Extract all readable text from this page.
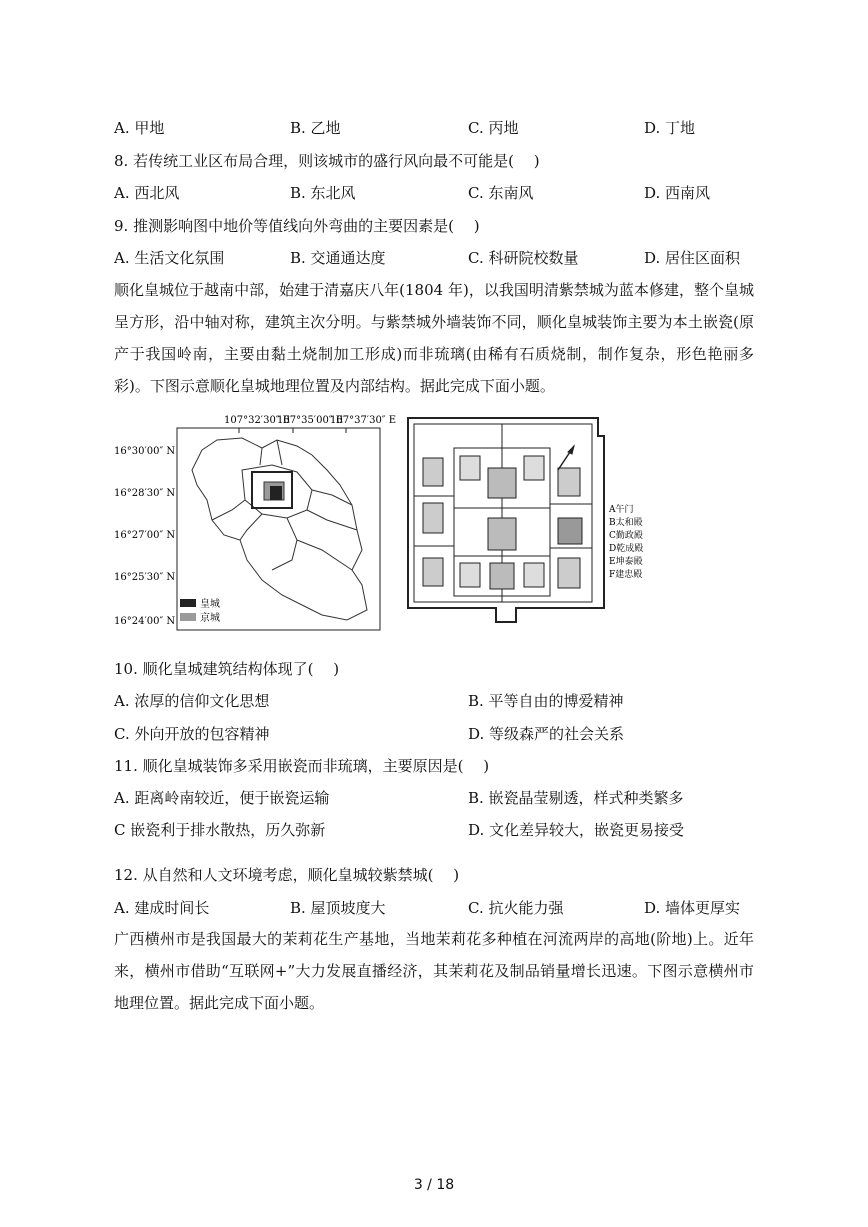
A. 甲地	B. 乙地	C. 丙地	D. 丁地
8. 若传统工业区布局合理，则该城市的盛行风向最不可能是(　 )
A. 西北风	B. 东北风	C. 东南风	D. 西南风
9. 推测影响图中地价等值线向外弯曲的主要因素是(　 )
A. 生活文化氛围	B. 交通通达度	C. 科研院校数量	D. 居住区面积
顺化皇城位于越南中部，始建于清嘉庆八年(1804 年)，以我国明清紫禁城为蓝本修建，整个皇城呈方形，沿中轴对称，建筑主次分明。与紫禁城外墙装饰不同，顺化皇城装饰主要为本土嵌瓷(原产于我国岭南，主要由黏土烧制加工形成)而非琉璃(由稀有石质烧制，制作复杂，形色艳丽多彩)。下图示意顺化皇城地理位置及内部结构。据此完成下面小题。
107°32′30″ E
107°35′00″ E
107°37′30″ E
16°30′00″ N
16°28′30″ N
16°27′00″ N
16°25′30″ N
16°24′00″ N
皇城
京城
A午门
B太和殿
C勤政殿
D乾成殿
E坤泰殿
F建忠殿
10. 顺化皇城建筑结构体现了(　 )
A. 浓厚的信仰文化思想	B. 平等自由的博爱精神
C. 外向开放的包容精神	D. 等级森严的社会关系
11. 顺化皇城装饰多采用嵌瓷而非琉璃，主要原因是(　 )
A. 距离岭南较近，便于嵌瓷运输	B. 嵌瓷晶莹剔透，样式种类繁多
C 嵌瓷利于排水散热，历久弥新	D. 文化差异较大，嵌瓷更易接受
12. 从自然和人文环境考虑，顺化皇城较紫禁城(　 )
A. 建成时间长	B. 屋顶坡度大	C. 抗火能力强	D. 墙体更厚实
广西横州市是我国最大的茉莉花生产基地，当地茉莉花多种植在河流两岸的高地(阶地)上。近年来，横州市借助“互联网+”大力发展直播经济，其茉莉花及制品销量增长迅速。下图示意横州市地理位置。据此完成下面小题。
3 / 18
